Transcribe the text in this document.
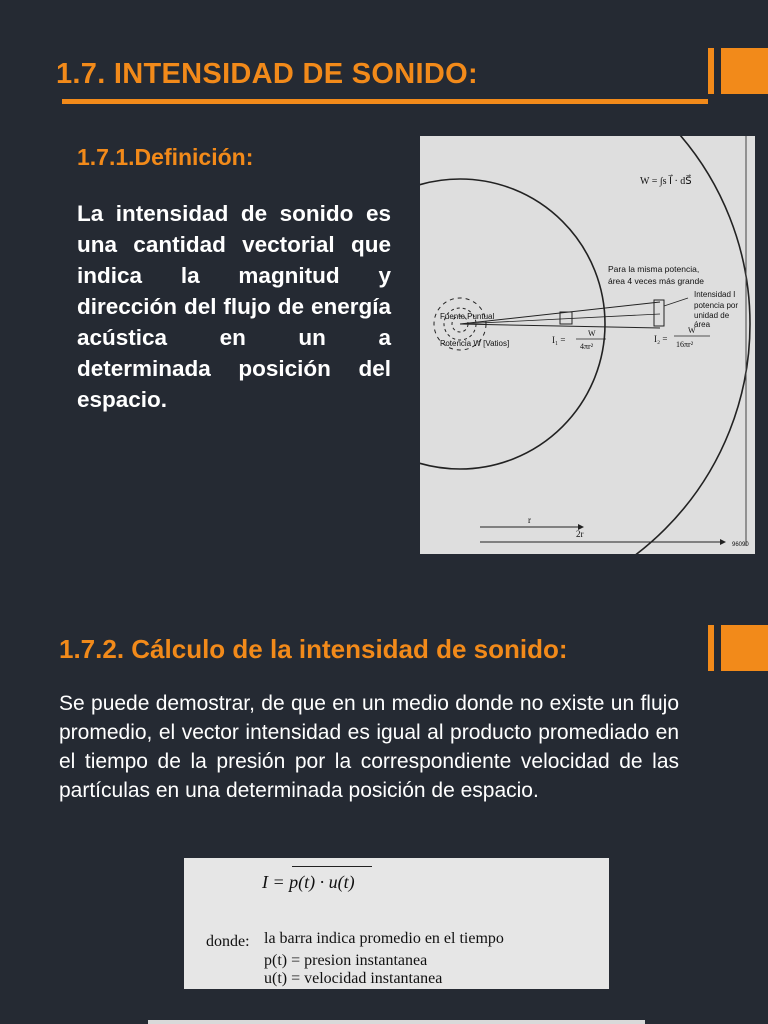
1.7. INTENSIDAD DE SONIDO:
1.7.1.Definición:
La intensidad de sonido es una cantidad vectorial que indica la magnitud y dirección del flujo de energía acústica en un a determinada posición del espacio.
W = ∫s I⃗ · dS⃗
Para la misma potencia,
área 4 veces más grande
Intensidad I
potencia por
unidad de
área
Fuente Puntual
Potencia W [Vatios]	I₁ =
W
4πr²
I₂ =
W
16πr²
r
2r
96090
1.7.2. Cálculo de la intensidad de sonido:
Se puede demostrar, de que en un medio donde no existe un flujo promedio, el vector intensidad es igual al producto promediado en el tiempo de la presión por la correspondiente velocidad de las partículas en una determinada posición de espacio.
I = p(t) · u(t)
donde: la barra indica promedio en el tiempo
p(t) = presion instantanea
u(t) = velocidad instantanea
